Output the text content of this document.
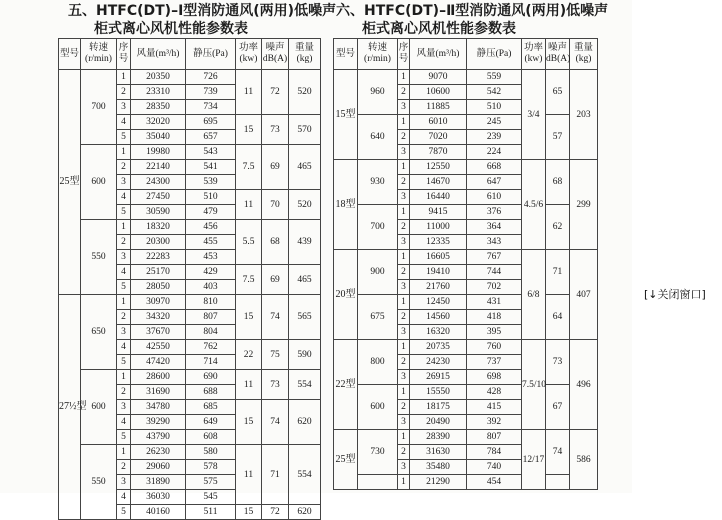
五、HTFC(DT)–Ⅰ型消防通风(两用)低噪声
柜式离心风机性能参数表
六、HTFC(DT)–Ⅱ型消防通风(两用)低噪声
柜式离心风机性能参数表
型号	转速(r/min)	序号	风量(m³/h)	静压(Pa)	功率(kw)	噪声dB(A)	重量(kg)
25型	700	1	20350	726	11	72	520
		2	23310	739			
		3	28350	734			
		4	32020	695	15	73	570
		5	35040	657			
	600	1	19980	543	7.5	69	465
		2	22140	541			
		3	24300	539			
		4	27450	510	11	70	520
		5	30590	479			
	550	1	18320	456	5.5	68	439
		2	20300	455			
		3	22283	453			
		4	25170	429	7.5	69	465
		5	28050	403			
27½型	650	1	30970	810	15	74	565
		2	34320	807			
		3	37670	804			
		4	42550	762	22	75	590
		5	47420	714			
	600	1	28600	690	11	73	554
		2	31690	688			
		3	34780	685	15	74	620
		4	39290	649			
		5	43790	608			
	550	1	26230	580	11	71	554
		2	29060	578			
		3	31890	575			
		4	36030	545			
		5	40160	511	15	72	620
型号	转速(r/min)	序号	风量(m³/h)	静压(Pa)	功率(kw)	噪声dB(A)	重量(kg)
15型	960	1	9070	559	3/4	65	203
		2	10600	542			
		3	11885	510			
	640	1	6010	245		57	
		2	7020	239			
		3	7870	224			
18型	930	1	12550	668	4.5/6	68	299
		2	14670	647			
		3	16440	610			
	700	1	9415	376		62	
		2	11000	364			
		3	12335	343			
20型	900	1	16605	767	6/8	71	407
		2	19410	744			
		3	21760	702			
	675	1	12450	431		64	
		2	14560	418			
		3	16320	395			
22型	800	1	20735	760	7.5/10	73	496
		2	24230	737			
		3	26915	698			
	600	1	15550	428		67	
		2	18175	415			
		3	20490	392			
25型	730	1	28390	807	12/17	74	586
		2	31630	784			
		3	35480	740			
		1	21290	454			
[↓关闭窗口]
